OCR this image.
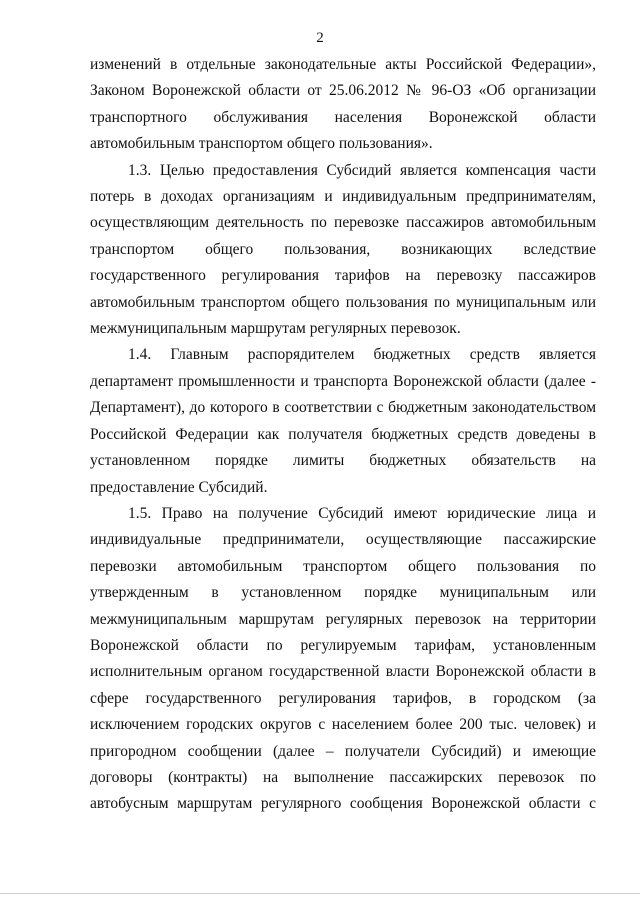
2
изменений в отдельные законодательные акты Российской Федерации»,
Законом Воронежской области от 25.06.2012 № 96-ОЗ «Об организации
транспортного обслуживания населения Воронежской области
автомобильным транспортом общего пользования».
1.3. Целью предоставления Субсидий является компенсация части
потерь в доходах организациям и индивидуальным предпринимателям,
осуществляющим деятельность по перевозке пассажиров автомобильным
транспортом общего пользования, возникающих вследствие
государственного регулирования тарифов на перевозку пассажиров
автомобильным транспортом общего пользования по муниципальным или
межмуниципальным маршрутам регулярных перевозок.
1.4. Главным распорядителем бюджетных средств является
департамент промышленности и транспорта Воронежской области (далее -
Департамент), до которого в соответствии с бюджетным законодательством
Российской Федерации как получателя бюджетных средств доведены в
установленном порядке лимиты бюджетных обязательств на
предоставление Субсидий.
1.5. Право на получение Субсидий имеют юридические лица и
индивидуальные предприниматели, осуществляющие пассажирские
перевозки автомобильным транспортом общего пользования по
утвержденным в установленном порядке муниципальным или
межмуниципальным маршрутам регулярных перевозок на территории
Воронежской области по регулируемым тарифам, установленным
исполнительным органом государственной власти Воронежской области в
сфере государственного регулирования тарифов, в городском (за
исключением городских округов с населением более 200 тыс. человек) и
пригородном сообщении (далее – получатели Субсидий) и имеющие
договоры (контракты) на выполнение пассажирских перевозок по
автобусным маршрутам регулярного сообщения Воронежской области с
